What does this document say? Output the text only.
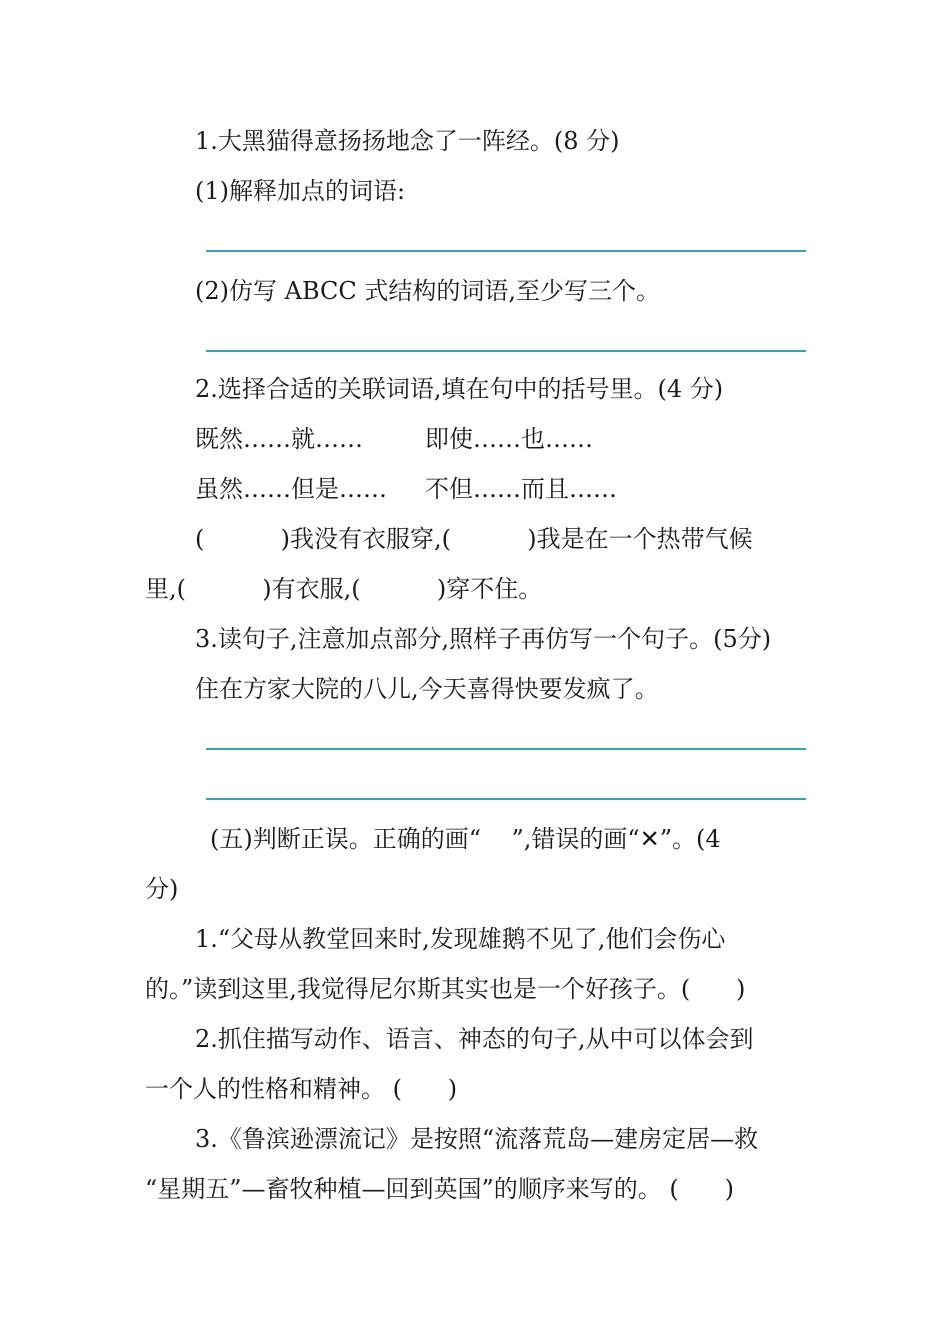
1.大黑猫得意扬扬地念了一阵经。(8 分)
(1)解释加点的词语:
(2)仿写 ABCC 式结构的词语,至少写三个。
2.选择合适的关联词语,填在句中的括号里。(4 分)
既然……就……	即使……也……
虽然……但是…… 不但……而且……
(          )我没有衣服穿,(          )我是在一个热带气候
里,(          )有衣服,(          )穿不住。
3.读句子,注意加点部分,照样子再仿写一个句子。(5分)
住在方家大院的八儿,今天喜得快要发疯了。
(五)判断正误。正确的画“    ”,错误的画“✕”。(4
分)
1.“父母从教堂回来时,发现雄鹅不见了,他们会伤心
的。”读到这里,我觉得尼尔斯其实也是一个好孩子。(      )
2.抓住描写动作、语言、神态的句子,从中可以体会到
一个人的性格和精神。 (      )
3.《鲁滨逊漂流记》是按照“流落荒岛—建房定居—救
“星期五”—畜牧种植—回到英国”的顺序来写的。 (      )
